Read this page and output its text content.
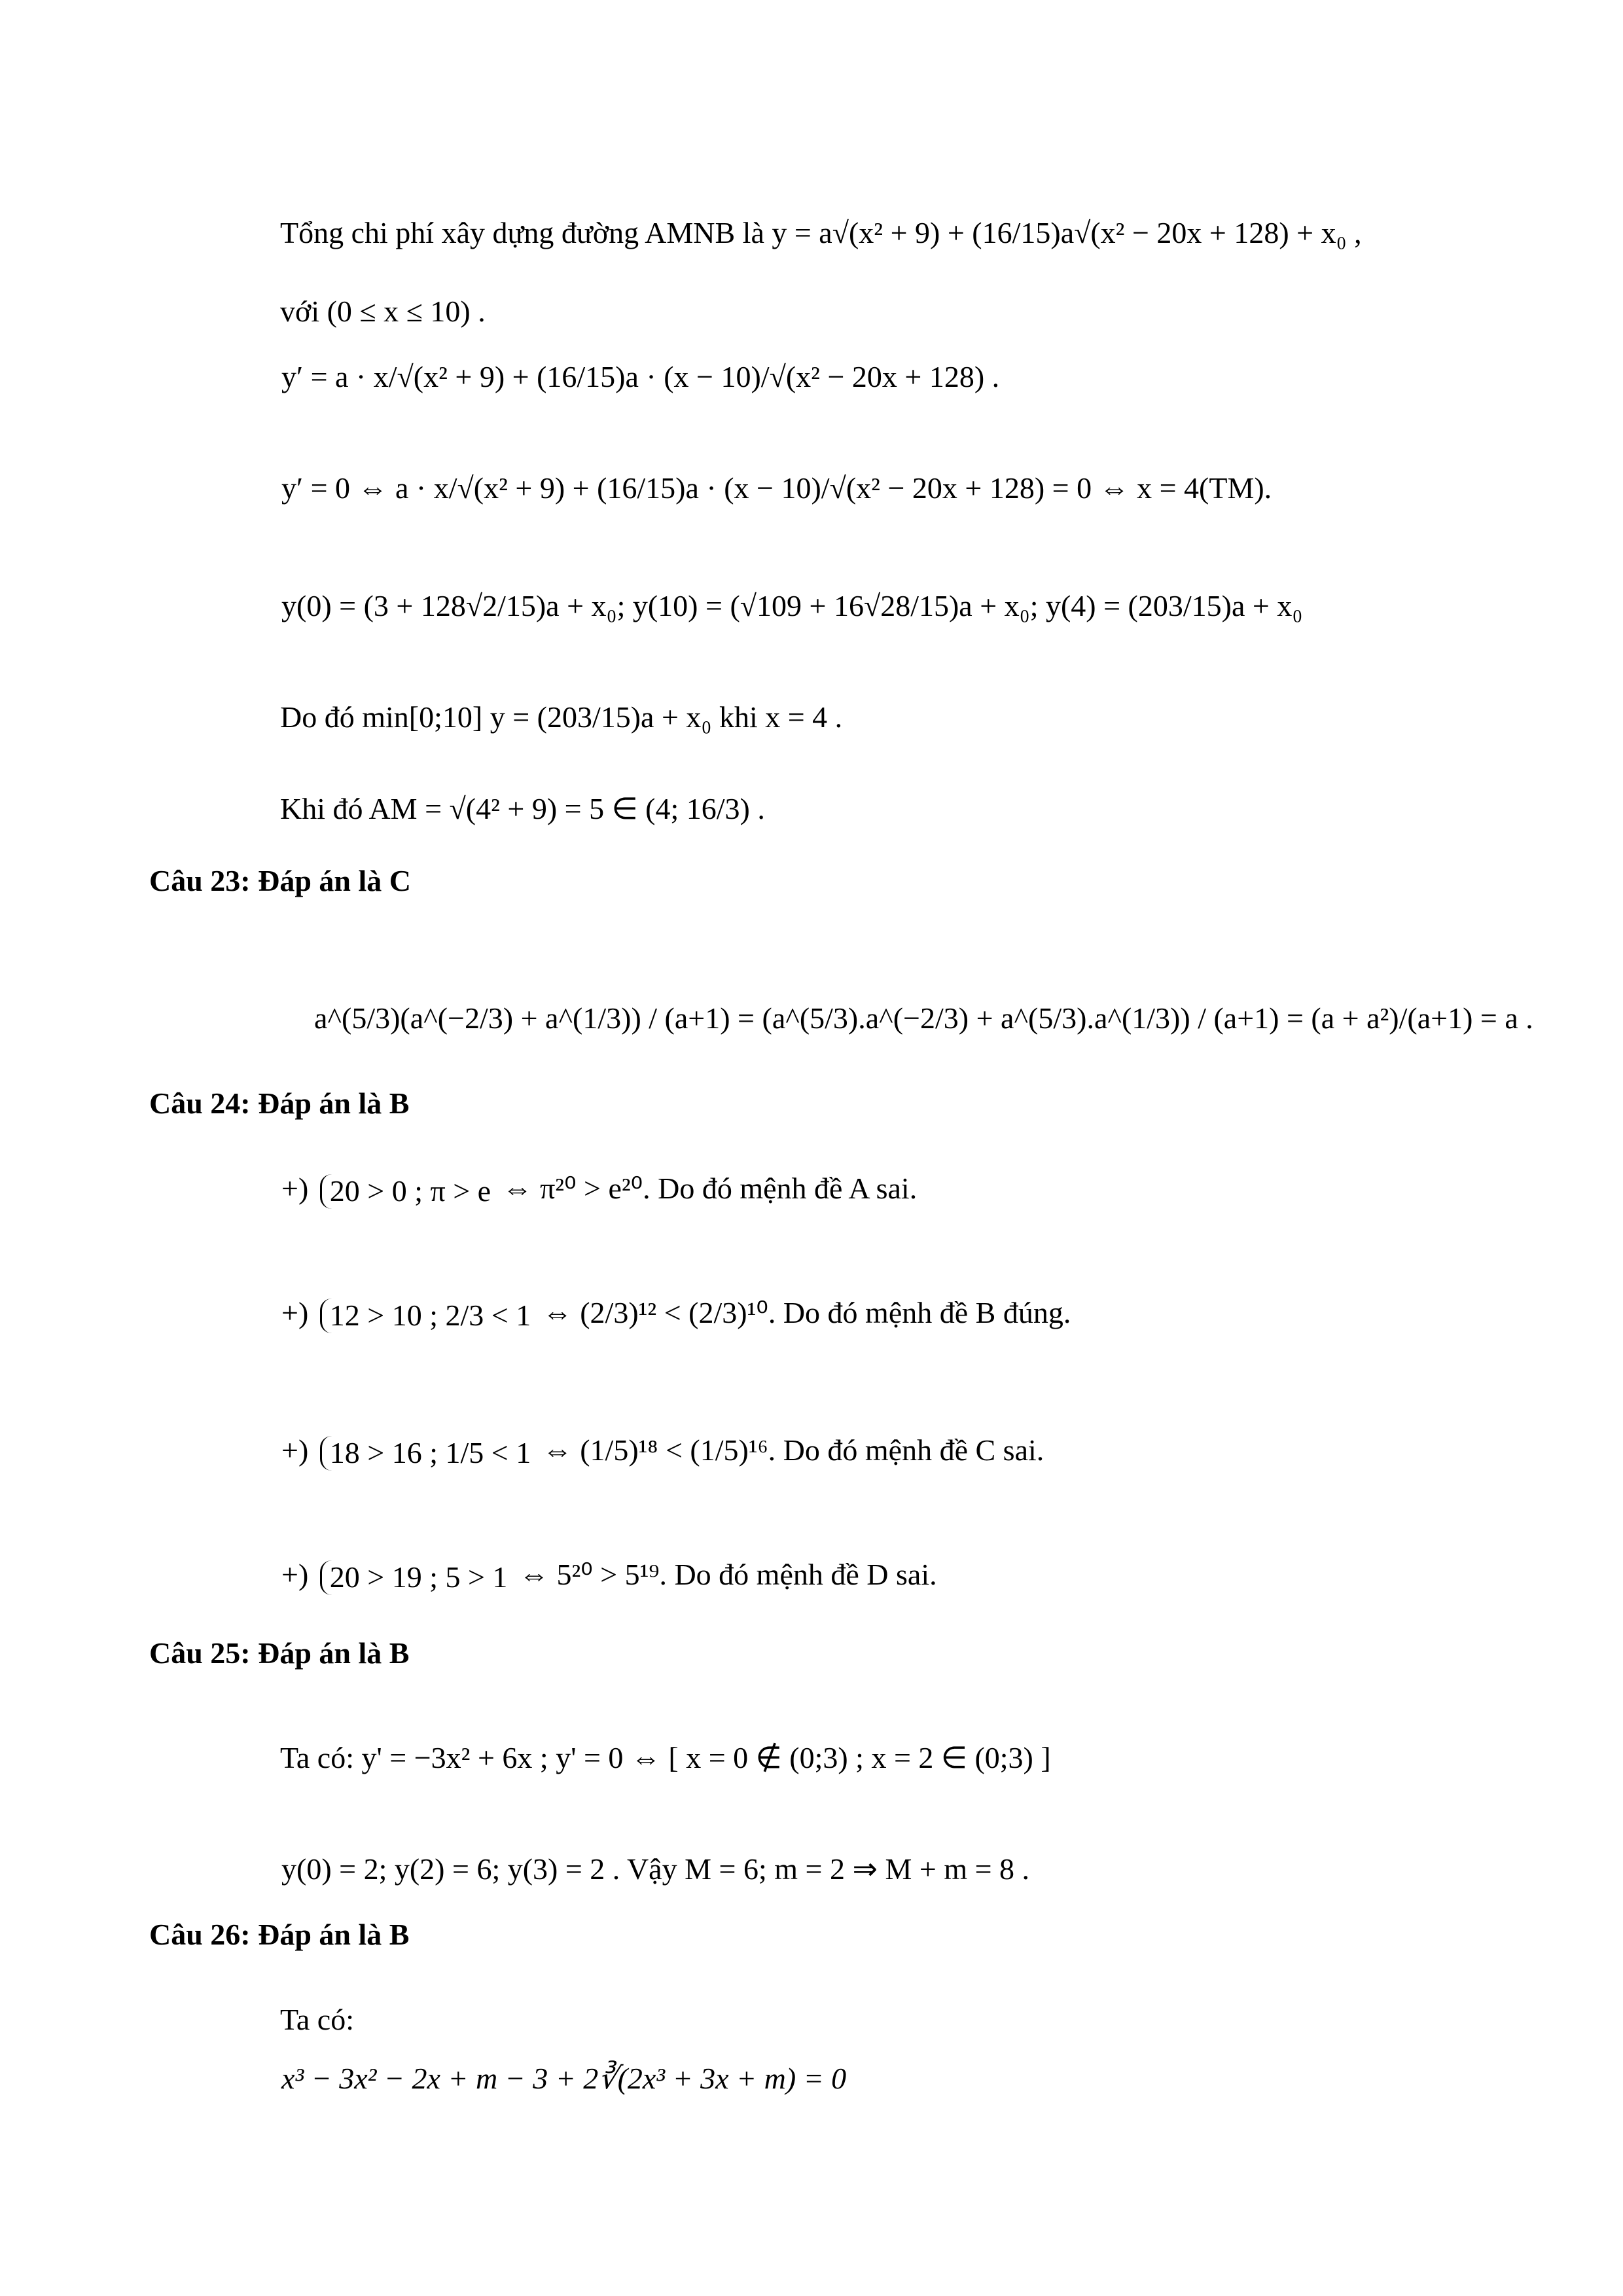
Tổng chi phí xây dựng đường AMNB là y = a√(x² + 9) + (16/15)a√(x² − 20x + 128) + x₀ ,
với (0 ≤ x ≤ 10) .
y′ = a · x/√(x² + 9) + (16/15)a · (x − 10)/√(x² − 20x + 128) .
y′ = 0 ⇔ a · x/√(x² + 9) + (16/15)a · (x − 10)/√(x² − 20x + 128) = 0 ⇔ x = 4(TM).
y(0) = (3 + 128√2/15)a + x₀; y(10) = (√109 + 16√28/15)a + x₀; y(4) = (203/15)a + x₀
Do đó min[0;10] y = (203/15)a + x₀ khi x = 4 .
Khi đó AM = √(4² + 9) = 5 ∈ (4; 16/3) .
Câu 23: Đáp án là C
a^(5/3)(a^(−2/3) + a^(1/3)) / (a+1) = (a^(5/3).a^(−2/3) + a^(5/3).a^(1/3)) / (a+1) = (a + a²)/(a+1) = a .
Câu 24: Đáp án là B
+) 20 > 0 ; π > e ⇔ π²⁰ > e²⁰. Do đó mệnh đề A sai.
+) 12 > 10 ; 2/3 < 1 ⇔ (2/3)¹² < (2/3)¹⁰. Do đó mệnh đề B đúng.
+) 18 > 16 ; 1/5 < 1 ⇔ (1/5)¹⁸ < (1/5)¹⁶. Do đó mệnh đề C sai.
+) 20 > 19 ; 5 > 1 ⇔ 5²⁰ > 5¹⁹. Do đó mệnh đề D sai.
Câu 25: Đáp án là B
Ta có: y' = −3x² + 6x ; y' = 0 ⇔ [ x = 0 ∉ (0;3) ; x = 2 ∈ (0;3) ]
y(0) = 2; y(2) = 6; y(3) = 2 . Vậy M = 6; m = 2 ⇒ M + m = 8 .
Câu 26: Đáp án là B
Ta có:
x³ − 3x² − 2x + m − 3 + 2∛(2x³ + 3x + m) = 0
